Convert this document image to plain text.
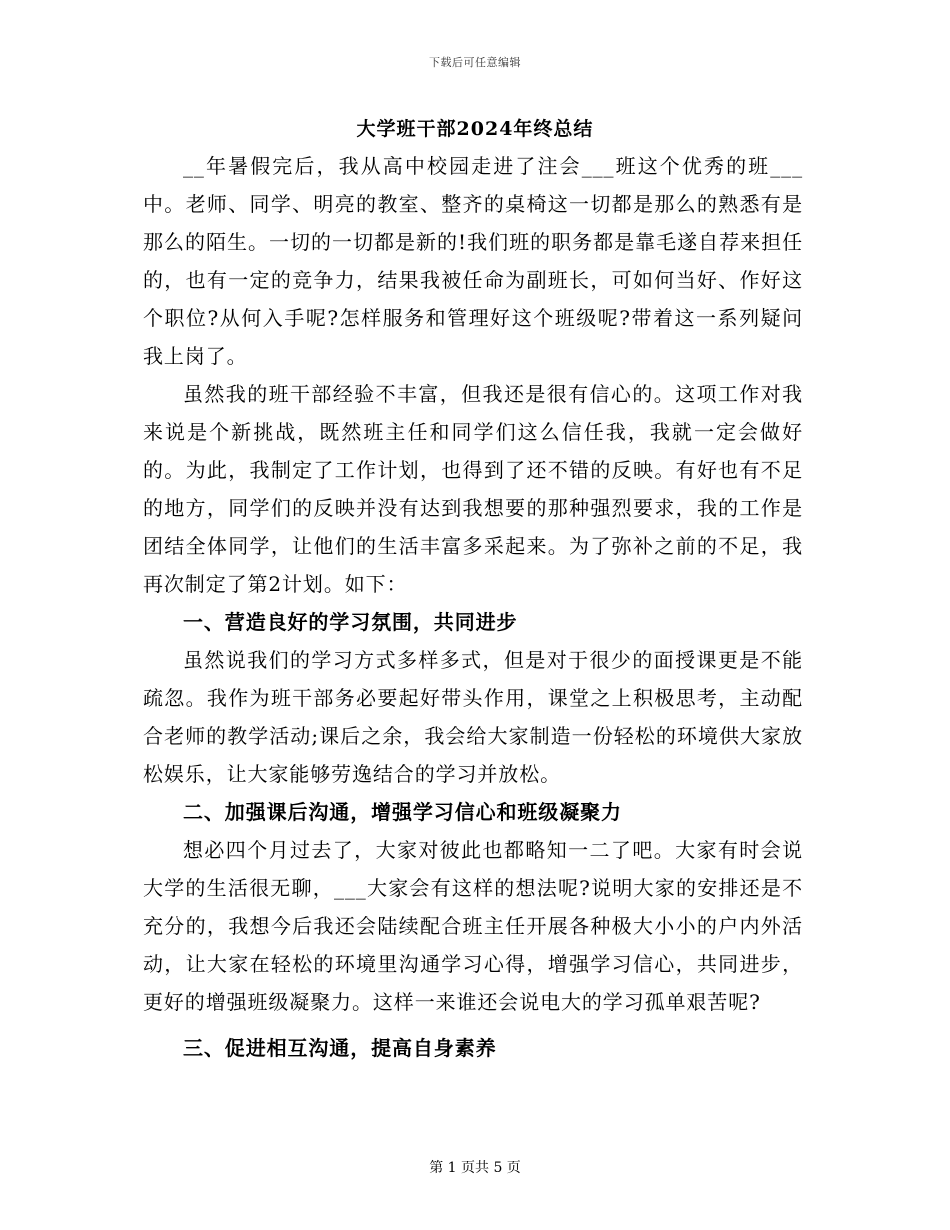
下载后可任意编辑
大学班干部2024年终总结

__年暑假完后，我从高中校园走进了注会___班这个优秀的班___中。老师、同学、明亮的教室、整齐的桌椅这一切都是那么的熟悉有是那么的陌生。一切的一切都是新的!我们班的职务都是靠毛遂自荐来担任的，也有一定的竞争力，结果我被任命为副班长，可如何当好、作好这个职位?从何入手呢?怎样服务和管理好这个班级呢?带着这一系列疑问我上岗了。

虽然我的班干部经验不丰富，但我还是很有信心的。这项工作对我来说是个新挑战，既然班主任和同学们这么信任我，我就一定会做好的。为此，我制定了工作计划，也得到了还不错的反映。有好也有不足的地方，同学们的反映并没有达到我想要的那种强烈要求，我的工作是团结全体同学，让他们的生活丰富多采起来。为了弥补之前的不足，我再次制定了第2计划。如下：

一、营造良好的学习氛围，共同进步

虽然说我们的学习方式多样多式，但是对于很少的面授课更是不能疏忽。我作为班干部务必要起好带头作用，课堂之上积极思考，主动配合老师的教学活动;课后之余，我会给大家制造一份轻松的环境供大家放松娱乐，让大家能够劳逸结合的学习并放松。

二、加强课后沟通，增强学习信心和班级凝聚力

想必四个月过去了，大家对彼此也都略知一二了吧。大家有时会说大学的生活很无聊，___大家会有这样的想法呢?说明大家的安排还是不充分的，我想今后我还会陆续配合班主任开展各种极大小小的户内外活动，让大家在轻松的环境里沟通学习心得，增强学习信心，共同进步，更好的增强班级凝聚力。这样一来谁还会说电大的学习孤单艰苦呢?

三、促进相互沟通，提高自身素养

第 1 页共 5 页
